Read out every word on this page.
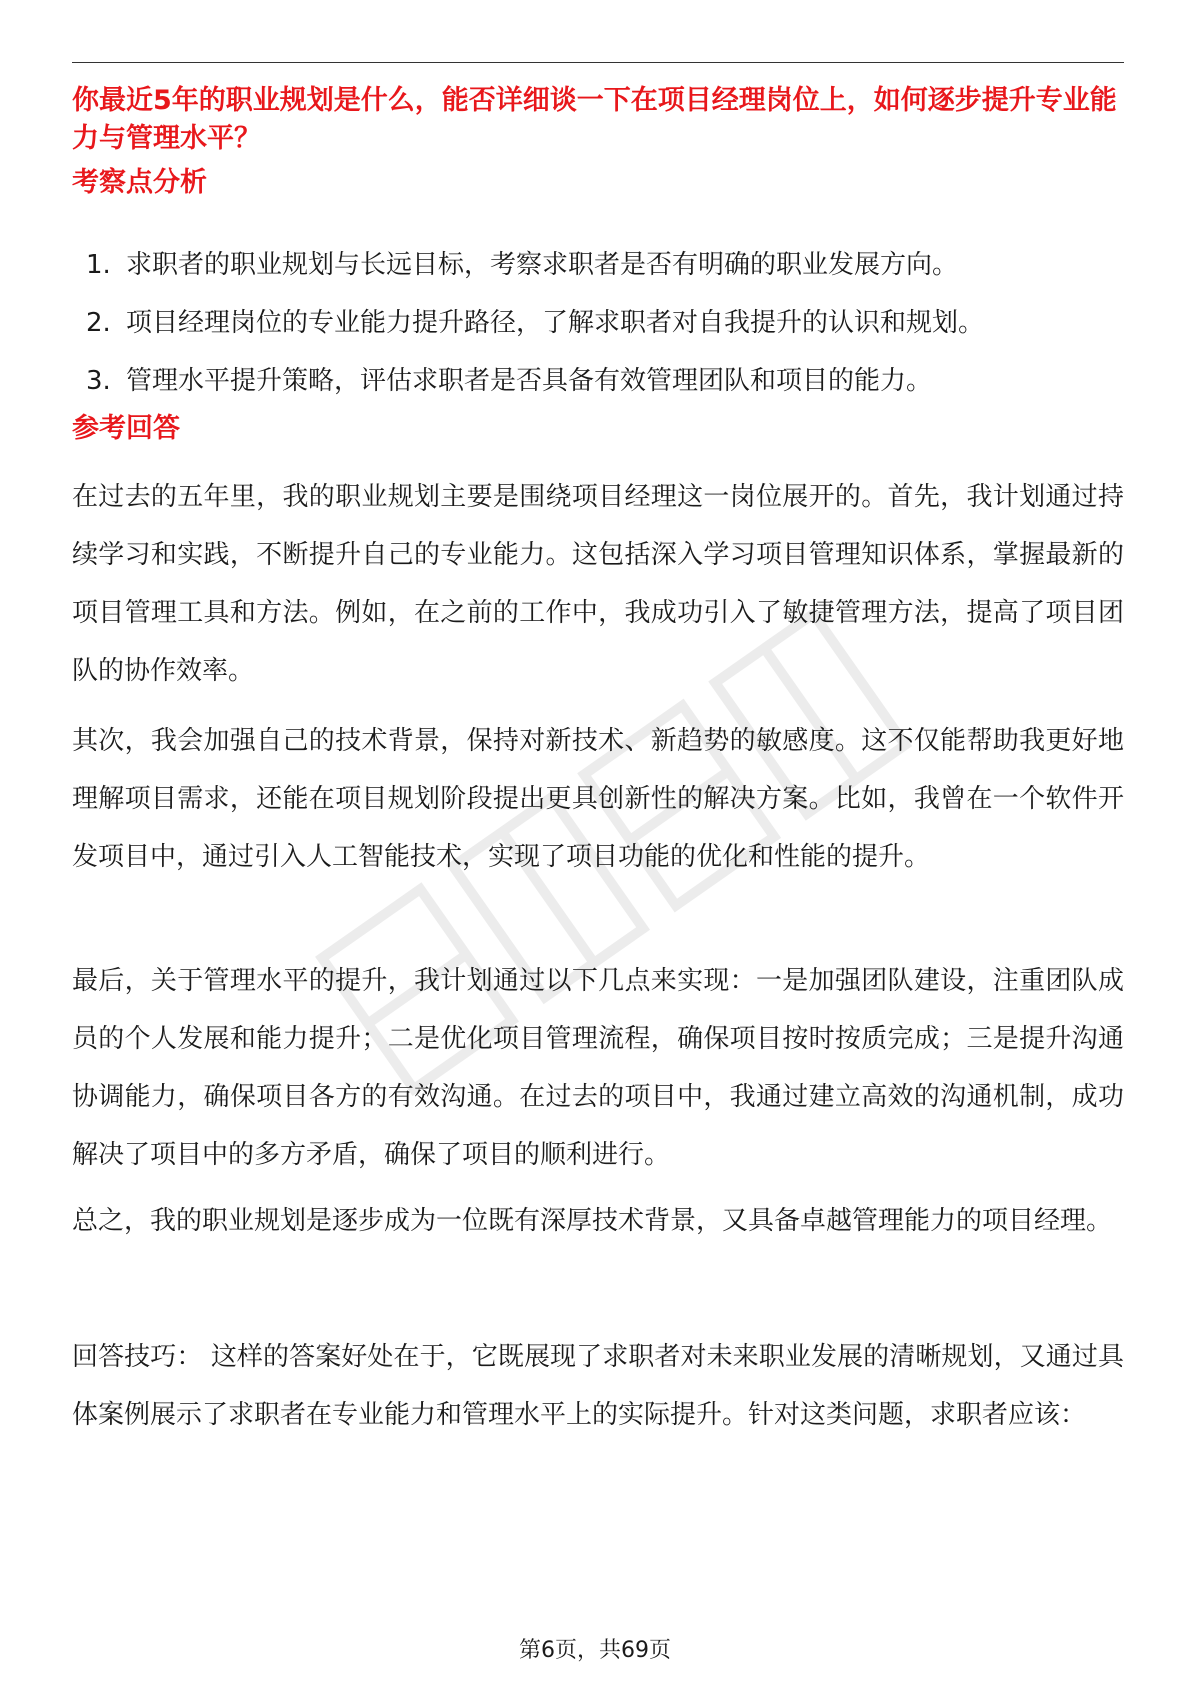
你最近5年的职业规划是什么，能否详细谈一下在项目经理岗位上，如何逐步提升专业能力与管理水平？
考察点分析
1. 求职者的职业规划与长远目标，考察求职者是否有明确的职业发展方向。
2. 项目经理岗位的专业能力提升路径，了解求职者对自我提升的认识和规划。
3. 管理水平提升策略，评估求职者是否具备有效管理团队和项目的能力。
参考回答

在过去的五年里，我的职业规划主要是围绕项目经理这一岗位展开的。首先，我计划通过持续学习和实践，不断提升自己的专业能力。这包括深入学习项目管理知识体系，掌握最新的项目管理工具和方法。例如，在之前的工作中，我成功引入了敏捷管理方法，提高了项目团队的协作效率。

其次，我会加强自己的技术背景，保持对新技术、新趋势的敏感度。这不仅能帮助我更好地理解项目需求，还能在项目规划阶段提出更具创新性的解决方案。比如，我曾在一个软件开发项目中，通过引入人工智能技术，实现了项目功能的优化和性能的提升。

最后，关于管理水平的提升，我计划通过以下几点来实现：一是加强团队建设，注重团队成员的个人发展和能力提升；二是优化项目管理流程，确保项目按时按质完成；三是提升沟通协调能力，确保项目各方的有效沟通。在过去的项目中，我通过建立高效的沟通机制，成功解决了项目中的多方矛盾，确保了项目的顺利进行。

总之，我的职业规划是逐步成为一位既有深厚技术背景，又具备卓越管理能力的项目经理。

回答技巧： 这样的答案好处在于，它既展现了求职者对未来职业发展的清晰规划，又通过具体案例展示了求职者在专业能力和管理水平上的实际提升。针对这类问题，求职者应该：

第6页，共69页
